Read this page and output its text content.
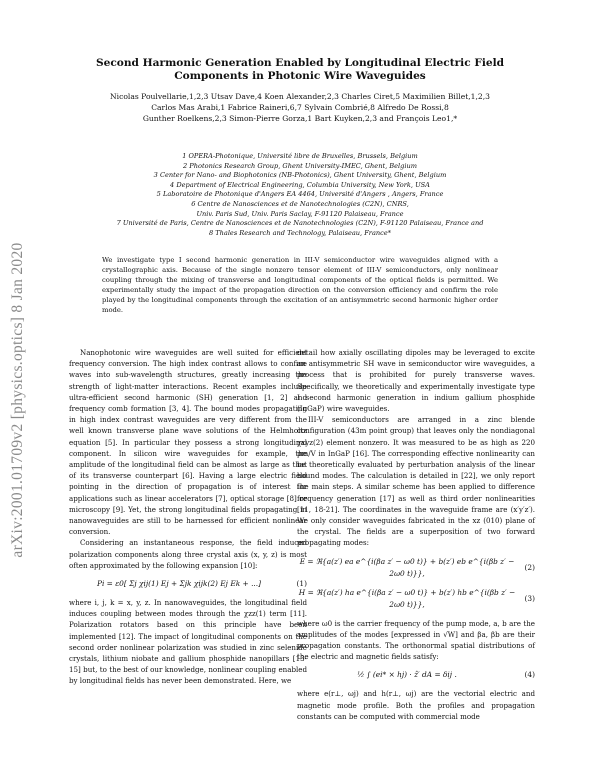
arXiv:2001.01709v2 [physics.optics] 8 Jan 2020
Second Harmonic Generation Enabled by Longitudinal Electric Field Components in Photonic Wire Waveguides
Nicolas Poulvellarie,1,2,3 Utsav Dave,4 Koen Alexander,2,3 Charles Ciret,5 Maximilien Billet,1,2,3
Carlos Mas Arabi,1 Fabrice Raineri,6,7 Sylvain Combrié,8 Alfredo De Rossi,8
Gunther Roelkens,2,3 Simon-Pierre Gorza,1 Bart Kuyken,2,3 and François Leo1,*
1 OPERA-Photonique, Université libre de Bruxelles, Brussels, Belgium
2 Photonics Research Group, Ghent University-IMEC, Ghent, Belgium
3 Center for Nano- and Biophotonics (NB-Photonics), Ghent University, Ghent, Belgium
4 Department of Electrical Engineering, Columbia University, New York, USA
5 Laboratoire de Photonique d'Angers EA 4464, Université d'Angers , Angers, France
6 Centre de Nanosciences et de Nanotechnologies (C2N), CNRS,
Univ. Paris Sud, Univ. Paris Saclay, F-91120 Palaiseau, France
7 Université de Paris, Centre de Nanosciences et de Nanotechnologies (C2N), F-91120 Palaiseau, France and
8 Thales Research and Technology, Palaiseau, France*
We investigate type I second harmonic generation in III-V semiconductor wire waveguides aligned with a crystallographic axis. Because of the single nonzero tensor element of III-V semiconductors, only nonlinear coupling through the mixing of transverse and longitudinal components of the optical fields is permitted. We experimentally study the impact of the propagation direction on the conversion efficiency and confirm the role played by the longitudinal components through the excitation of an antisymmetric second harmonic higher order mode.

Nanophotonic wire waveguides are well suited for efficient frequency conversion. The high index contrast allows to confine waves into sub-wavelength structures, greatly increasing the strength of light-matter interactions. Recent examples include ultra-efficient second harmonic (SH) generation [1, 2] and frequency comb formation [3, 4]. The bound modes propagating in high index contrast waveguides are very different from the well known transverse plane wave solutions of the Helmholtz equation [5]. In particular they possess a strong longitudinal component. In silicon wire waveguides for example, the amplitude of the longitudinal field can be almost as large as that of its transverse counterpart [6]. Having a large electric field pointing in the direction of propagation is of interest for applications such as linear accelerators [7], optical storage [8] or microscopy [9]. Yet, the strong longitudinal fields propagating in nanowaveguides are still to be harnessed for efficient nonlinear conversion.

Considering an instantaneous response, the field induced polarization components along three crystal axis (x, y, z) is most often approximated by the following expansion [10]:

Pi = ε0[ Σj χij(1) Ej + Σjk χijk(2) Ej Ek + ...]	(1)

where i, j, k = x, y, z. In nanowaveguides, the longitudinal field induces coupling between modes through the χzz(1) term [11]. Polarization rotators based on this principle have been implemented [12]. The impact of longitudinal components on the second order nonlinear polarization was studied in zinc selenide crystals, lithium niobate and gallium phosphide nanopillars [13-15] but, to the best of our knowledge, nonlinear coupling enabled by longitudinal fields has never been demonstrated. Here, we

detail how axially oscillating dipoles may be leveraged to excite an antisymmetric SH wave in semiconductor wire waveguides, a process that is prohibited for purely transverse waves. Specifically, we theoretically and experimentally investigate type I second harmonic generation in indium gallium phosphide (InGaP) wire waveguides.

III-V semiconductors are arranged in a zinc blende configuration (43m point group) that leaves only the nondiagonal χxyz(2) element nonzero. It was measured to be as high as 220 pm/V in InGaP [16]. The corresponding effective nonlinearity can be theoretically evaluated by perturbation analysis of the linear bound modes. The calculation is detailed in [22], we only report the main steps. A similar scheme has been applied to difference frequency generation [17] as well as third order nonlinearities [11, 18-21]. The coordinates in the waveguide frame are (x′y′z′). We only consider waveguides fabricated in the xz (010) plane of the crystal. The fields are a superposition of two forward propagating modes:

E = ℜ{a(z′) ea e^{i(βa z′ − ω0 t)} + b(z′) eb e^{i(βb z′ − 2ω0 t)}},
(2)
H = ℜ{a(z′) ha e^{i(βa z′ − ω0 t)} + b(z′) hb e^{i(βb z′ − 2ω0 t)}},
(3)

where ω0 is the carrier frequency of the pump mode, a, b are the amplitudes of the modes [expressed in √W] and βa, βb are their propagation constants. The orthonormal spatial distributions of the electric and magnetic fields satisfy:

½ ∫ (ei* × hj) · ẑ′ dA = δij .	(4)

where e(r⊥, ωj) and h(r⊥, ωj) are the vectorial electric and magnetic mode profile. Both the profiles and propagation constants can be computed with commercial mode
